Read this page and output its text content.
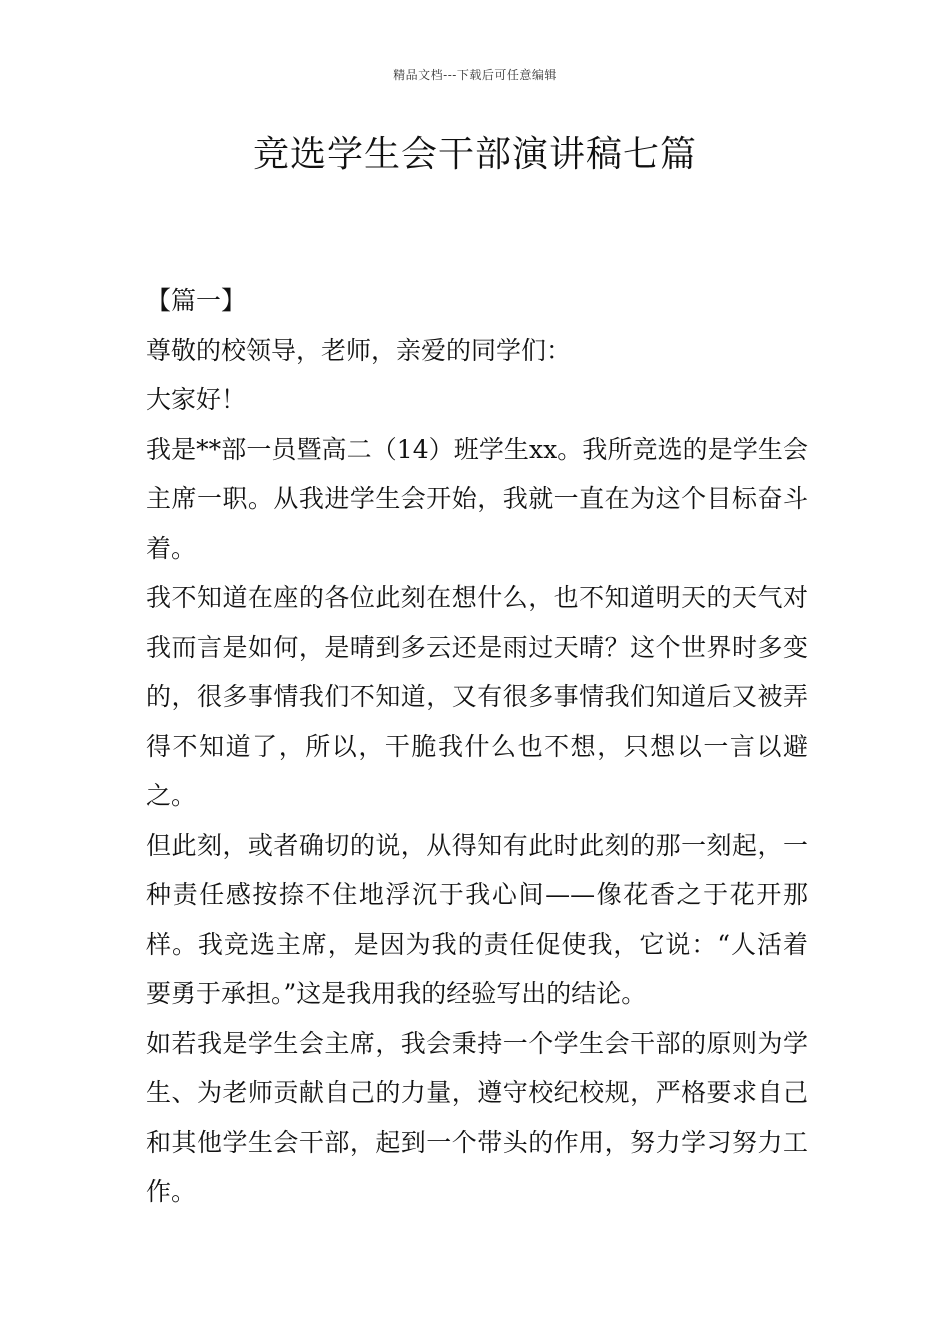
精品文档---下载后可任意编辑
竞选学生会干部演讲稿七篇

【篇一】

尊敬的校领导，老师，亲爱的同学们：

大家好！

我是**部一员暨高二（14）班学生xx。我所竞选的是学生会主席一职。从我进学生会开始，我就一直在为这个目标奋斗着。

我不知道在座的各位此刻在想什么，也不知道明天的天气对我而言是如何，是晴到多云还是雨过天晴？这个世界时多变的，很多事情我们不知道，又有很多事情我们知道后又被弄得不知道了，所以，干脆我什么也不想，只想以一言以避之。

但此刻，或者确切的说，从得知有此时此刻的那一刻起，一种责任感按捺不住地浮沉于我心间——像花香之于花开那样。我竞选主席，是因为我的责任促使我，它说：“人活着要勇于承担。”这是我用我的经验写出的结论。

如若我是学生会主席，我会秉持一个学生会干部的原则为学生、为老师贡献自己的力量，遵守校纪校规，严格要求自己和其他学生会干部，起到一个带头的作用，努力学习努力工作。
